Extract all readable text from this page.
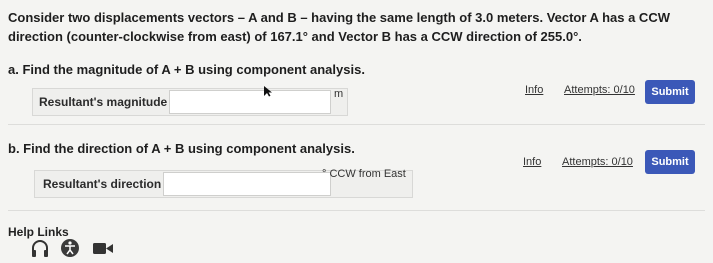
Consider two displacements vectors – A and B – having the same length of 3.0 meters. Vector A has a CCW direction (counter-clockwise from east) of 167.1° and Vector B has a CCW direction of 255.0°.
a. Find the magnitude of A + B using component analysis.
Resultant's magnitude
m	Info Attempts: 0/10	Submit
b. Find the direction of A + B using component analysis.
Resultant's direction
° CCW from East
Info Attempts: 0/10	Submit
Help Links
